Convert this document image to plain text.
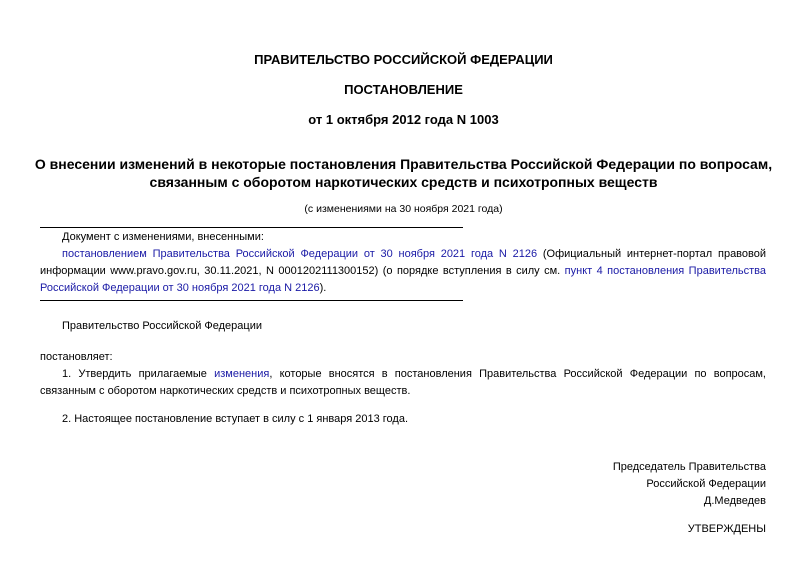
ПРАВИТЕЛЬСТВО РОССИЙСКОЙ ФЕДЕРАЦИИ
ПОСТАНОВЛЕНИЕ
от 1 октября 2012 года N 1003
О внесении изменений в некоторые постановления Правительства Российской Федерации по вопросам,
связанным с оборотом наркотических средств и психотропных веществ
(с изменениями на 30 ноября 2021 года)
Документ с изменениями, внесенными:
постановлением Правительства Российской Федерации от 30 ноября 2021 года N 2126 (Официальный интернет-портал правовой информации www.pravo.gov.ru, 30.11.2021, N 0001202111300152) (о порядке вступления в силу см. пункт 4 постановления Правительства Российской Федерации от 30 ноября 2021 года N 2126).
Правительство Российской Федерации
постановляет:
1. Утвердить прилагаемые изменения, которые вносятся в постановления Правительства Российской Федерации по вопросам, связанным с оборотом наркотических средств и психотропных веществ.
2. Настоящее постановление вступает в силу с 1 января 2013 года.
Председатель Правительства
Российской Федерации
Д.Медведев
УТВЕРЖДЕНЫ
